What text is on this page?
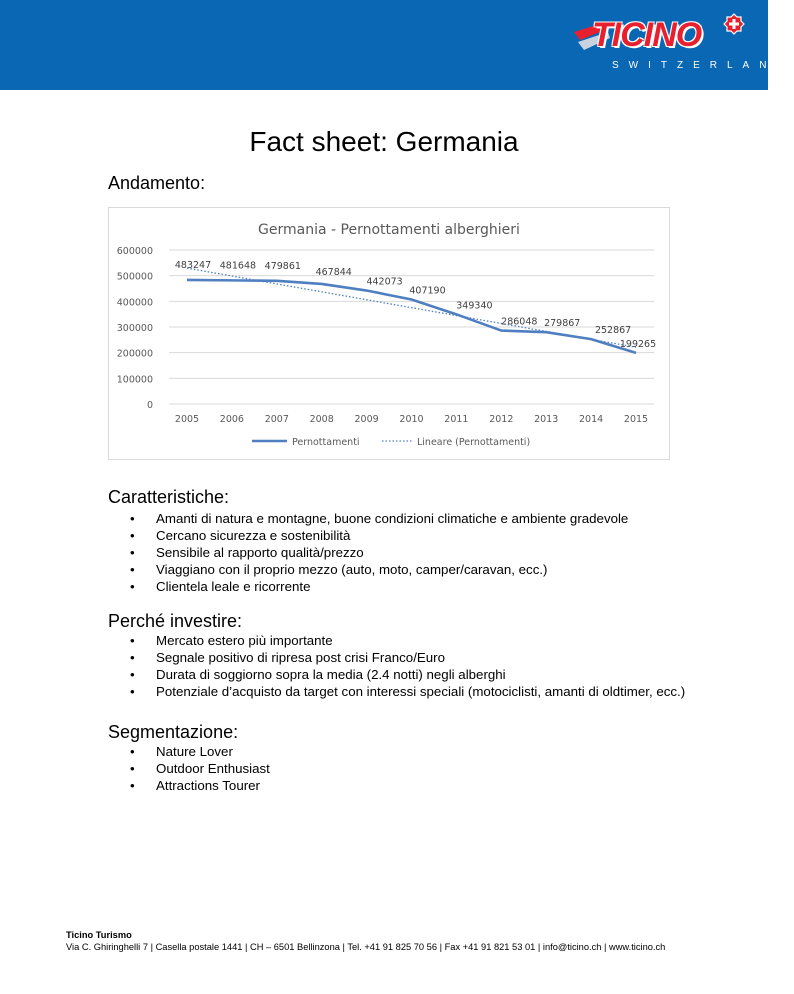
TICINO
SWITZERLAND
Fact sheet: Germania
Andamento:
Germania - Pernottamenti alberghieri
0
100000
200000
300000
400000
500000
600000
2005 2006 2007 2008 2009 2010 2011 2012 2013 2014 2015
483247 481648 479861
467844
442073
407190
349340
286048 279867
252867
199265
Pernottamenti	Lineare (Pernottamenti)
Caratteristiche:
• Amanti di natura e montagne, buone condizioni climatiche e ambiente gradevole
• Cercano sicurezza e sostenibilità
• Sensibile al rapporto qualità/prezzo
• Viaggiano con il proprio mezzo (auto, moto, camper/caravan, ecc.)
• Clientela leale e ricorrente
Perché investire:
• Mercato estero più importante
• Segnale positivo di ripresa post crisi Franco/Euro
• Durata di soggiorno sopra la media (2.4 notti) negli alberghi
• Potenziale d’acquisto da target con interessi speciali (motociclisti, amanti di oldtimer, ecc.)
Segmentazione:
• Nature Lover
• Outdoor Enthusiast
• Attractions Tourer
Ticino Turismo
Via C. Ghiringhelli 7 | Casella postale 1441 | CH – 6501 Bellinzona | Tel. +41 91 825 70 56 | Fax +41 91 821 53 01 | info@ticino.ch | www.ticino.ch
